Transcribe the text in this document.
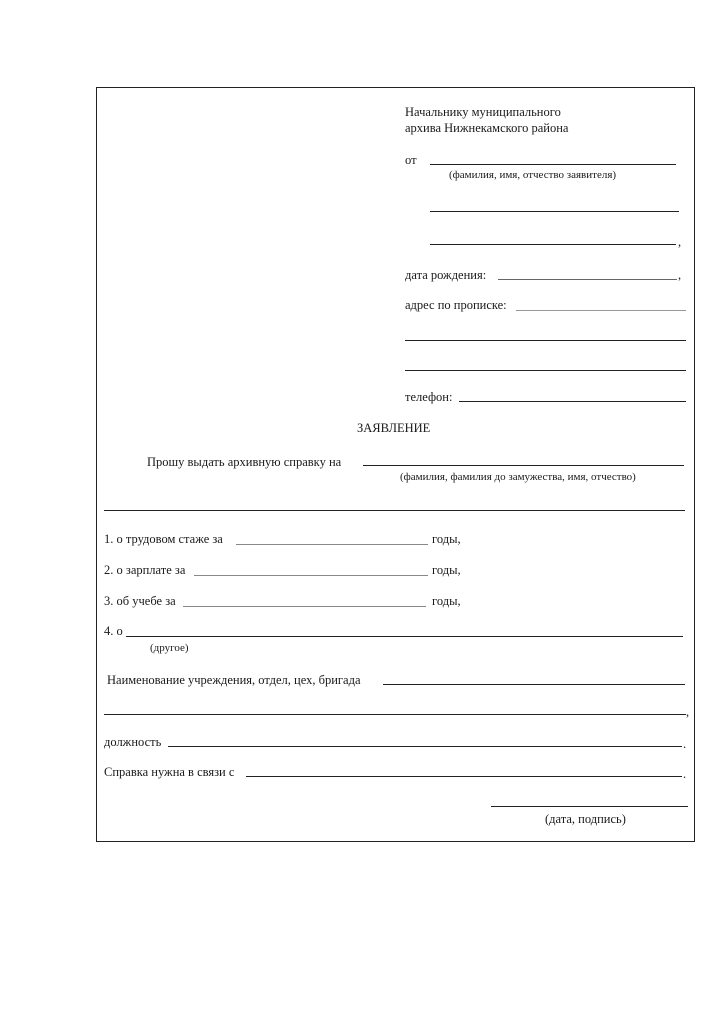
Начальнику муниципального
архива Нижнекамского района
от
(фамилия, имя, отчество заявителя)
,
дата рождения:	,
адрес по прописке:
телефон:
ЗАЯВЛЕНИЕ
Прошу выдать архивную справку на
(фамилия, фамилия до замужества, имя, отчество)
1. о трудовом стаже за	годы,
2. о зарплате за	годы,
3. об учебе за	годы,
4. о
(другое)
Наименование учреждения, отдел, цех, бригада
,
должность	.
Справка нужна в связи с	.
(дата, подпись)
